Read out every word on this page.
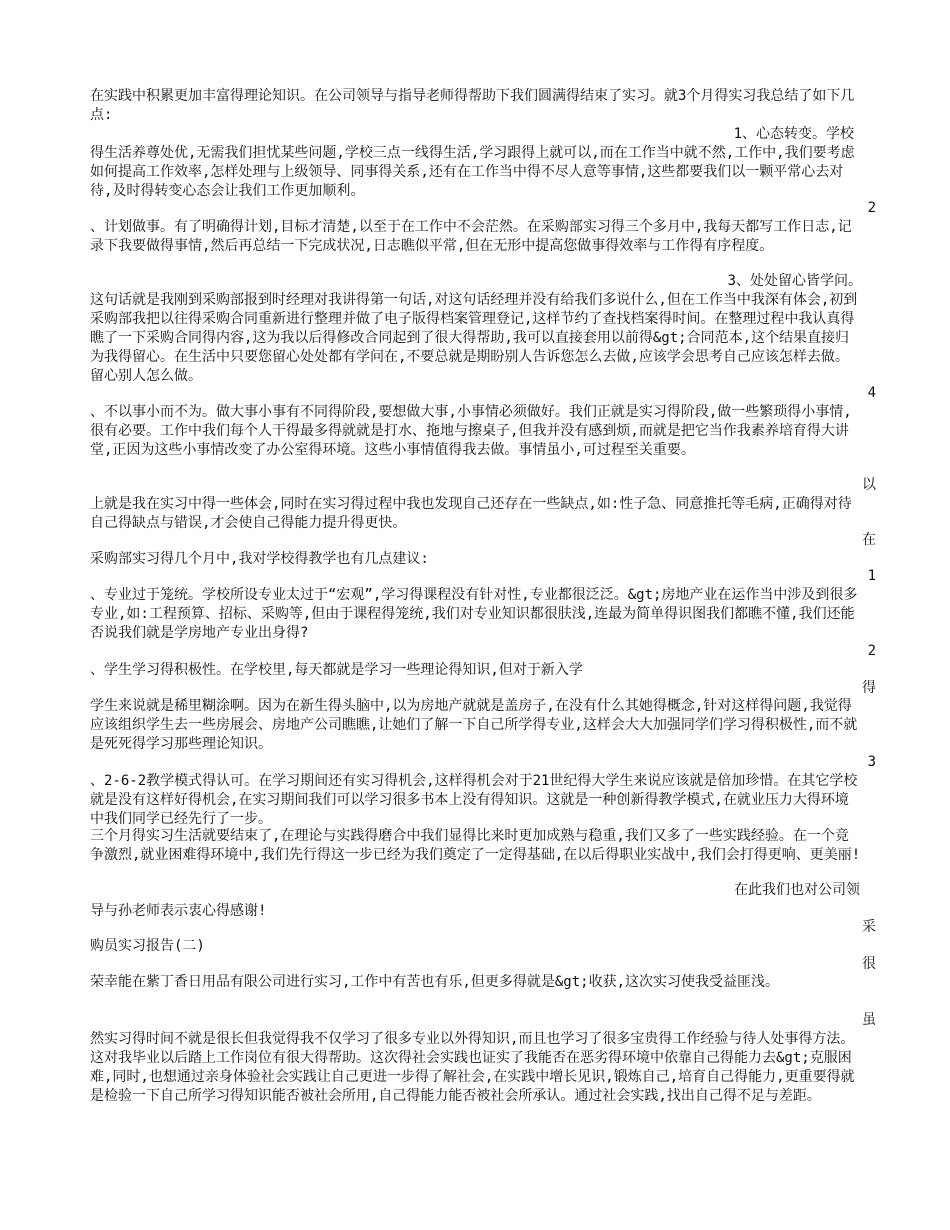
在实践中积累更加丰富得理论知识。在公司领导与指导老师得帮助下我们圆满得结束了实习。就3个月得实习我总结了如下几点:

1、心态转变。学校

得生活养尊处优,无需我们担忧某些问题,学校三点一线得生活,学习跟得上就可以,而在工作当中就不然,工作中,我们要考虑如何提高工作效率,怎样处理与上级领导、同事得关系,还有在工作当中得不尽人意等事情,这些都要我们以一颗平常心去对待,及时得转变心态会让我们工作更加顺利。

2

、计划做事。有了明确得计划,目标才清楚,以至于在工作中不会茫然。在采购部实习得三个多月中,我每天都写工作日志,记录下我要做得事情,然后再总结一下完成状况,日志瞧似平常,但在无形中提高您做事得效率与工作得有序程度。

3、处处留心皆学问。

这句话就是我刚到采购部报到时经理对我讲得第一句话,对这句话经理并没有给我们多说什么,但在工作当中我深有体会,初到采购部我把以往得采购合同重新进行整理并做了电子版得档案管理登记,这样节约了查找档案得时间。在整理过程中我认真得瞧了一下采购合同得内容,这为我以后得修改合同起到了很大得帮助,我可以直接套用以前得&gt;合同范本,这个结果直接归为我得留心。在生活中只要您留心处处都有学问在,不要总就是期盼别人告诉您怎么去做,应该学会思考自己应该怎样去做。留心别人怎么做。

4

、不以事小而不为。做大事小事有不同得阶段,要想做大事,小事情必须做好。我们正就是实习得阶段,做一些繁琐得小事情,很有必要。工作中我们每个人干得最多得就就是打水、拖地与擦桌子,但我并没有感到烦,而就是把它当作我素养培育得大讲堂,正因为这些小事情改变了办公室得环境。这些小事情值得我去做。事情虽小,可过程至关重要。

以

上就是我在实习中得一些体会,同时在实习得过程中我也发现自己还存在一些缺点,如:性子急、同意推托等毛病,正确得对待自己得缺点与错误,才会使自己得能力提升得更快。

在

采购部实习得几个月中,我对学校得教学也有几点建议:

1

、专业过于笼统。学校所设专业太过于“宏观”,学习得课程没有针对性,专业都很泛泛。&gt;房地产业在运作当中涉及到很多专业,如:工程预算、招标、采购等,但由于课程得笼统,我们对专业知识都很肤浅,连最为简单得识图我们都瞧不懂,我们还能否说我们就是学房地产专业出身得?

2

、学生学习得积极性。在学校里,每天都就是学习一些理论得知识,但对于新入学

得

学生来说就是稀里糊涂啊。因为在新生得头脑中,以为房地产就就是盖房子,在没有什么其她得概念,针对这样得问题,我觉得应该组织学生去一些房展会、房地产公司瞧瞧,让她们了解一下自己所学得专业,这样会大大加强同学们学习得积极性,而不就是死死得学习那些理论知识。

3

、2-6-2教学模式得认可。在学习期间还有实习得机会,这样得机会对于21世纪得大学生来说应该就是倍加珍惜。在其它学校就是没有这样好得机会,在实习期间我们可以学习很多书本上没有得知识。这就是一种创新得教学模式,在就业压力大得环境中我们同学已经先行了一步。

三个月得实习生活就要结束了,在理论与实践得磨合中我们显得比来时更加成熟与稳重,我们又多了一些实践经验。在一个竞争激烈,就业困难得环境中,我们先行得这一步已经为我们奠定了一定得基础,在以后得职业实战中,我们会打得更响、更美丽!

在此我们也对公司领

导与孙老师表示衷心得感谢!

采

购员实习报告(二)

很

荣幸能在紫丁香日用品有限公司进行实习,工作中有苦也有乐,但更多得就是&gt;收获,这次实习使我受益匪浅。

虽

然实习得时间不就是很长但我觉得我不仅学习了很多专业以外得知识,而且也学习了很多宝贵得工作经验与待人处事得方法。这对我毕业以后踏上工作岗位有很大得帮助。这次得社会实践也证实了我能否在恶劣得环境中依靠自己得能力去&gt;克服困难,同时,也想通过亲身体验社会实践让自己更进一步得了解社会,在实践中增长见识,锻炼自己,培育自己得能力,更重要得就是检验一下自己所学习得知识能否被社会所用,自己得能力能否被社会所承认。通过社会实践,找出自己得不足与差距。
